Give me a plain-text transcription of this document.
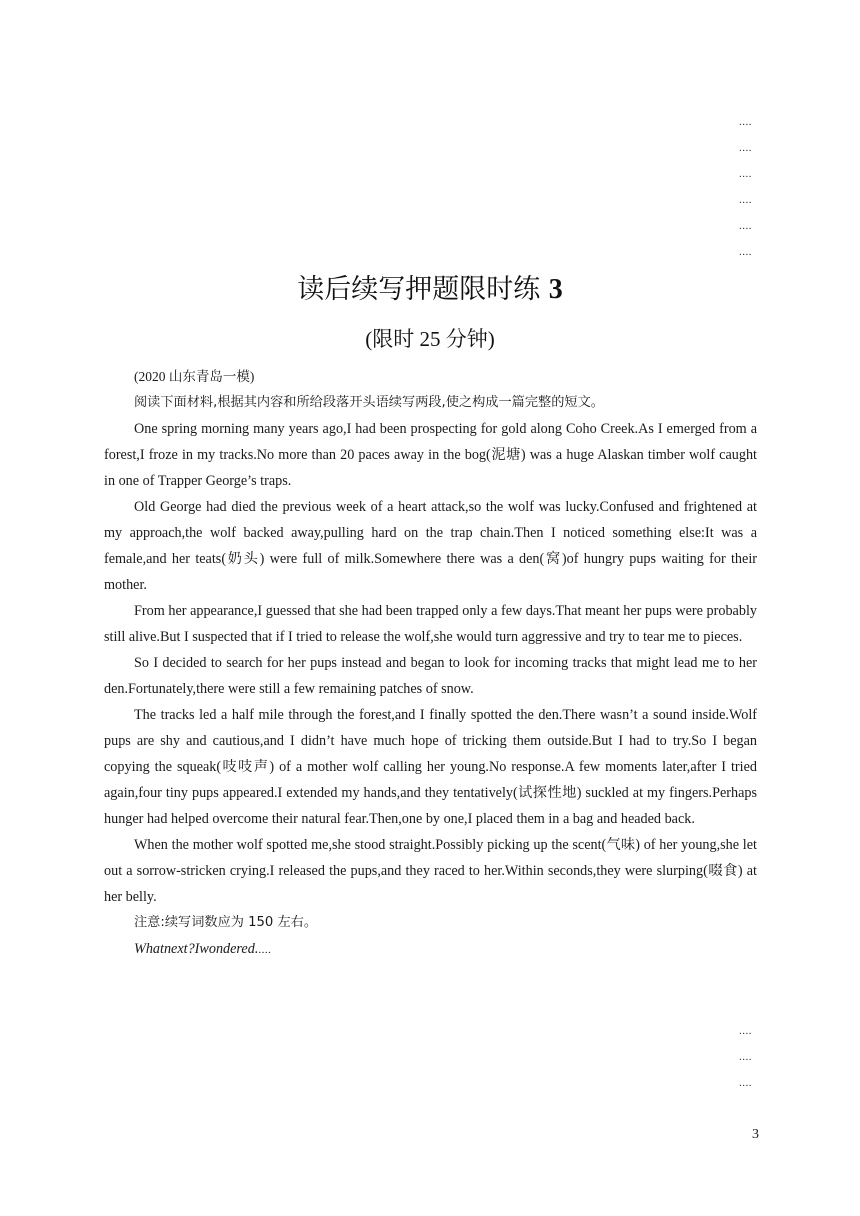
....
....
....
....
....
....
读后续写押题限时练 3
(限时 25 分钟)

(2020 山东青岛一模)

阅读下面材料,根据其内容和所给段落开头语续写两段,使之构成一篇完整的短文。

One spring morning many years ago,I had been prospecting for gold along Coho Creek.As I emerged from a forest,I froze in my tracks.No more than 20 paces away in the bog(泥塘) was a huge Alaskan timber wolf caught in one of Trapper George’s traps.

Old George had died the previous week of a heart attack,so the wolf was lucky.Confused and frightened at my approach,the wolf backed away,pulling hard on the trap chain.Then I noticed something else:It was a female,and her teats(奶头) were full of milk.Somewhere there was a den(窝)of hungry pups waiting for their mother.

From her appearance,I guessed that she had been trapped only a few days.That meant her pups were probably still alive.But I suspected that if I tried to release the wolf,she would turn aggressive and try to tear me to pieces.

So I decided to search for her pups instead and began to look for incoming tracks that might lead me to her den.Fortunately,there were still a few remaining patches of snow.

The tracks led a half mile through the forest,and I finally spotted the den.There wasn’t a sound inside.Wolf pups are shy and cautious,and I didn’t have much hope of tricking them outside.But I had to try.So I began copying the squeak(吱吱声) of a mother wolf calling her young.No response.A few moments later,after I tried again,four tiny pups appeared.I extended my hands,and they tentatively(试探性地) suckled at my fingers.Perhaps hunger had helped overcome their natural fear.Then,one by one,I placed them in a bag and headed back.

When the mother wolf spotted me,she stood straight.Possibly picking up the scent(气味) of her young,she let out a sorrow-stricken crying.I released the pups,and they raced to her.Within seconds,they were slurping(啜食) at her belly.

注意:续写词数应为 150 左右。

Whatnext?Iwondered.....

....
....
....
3
